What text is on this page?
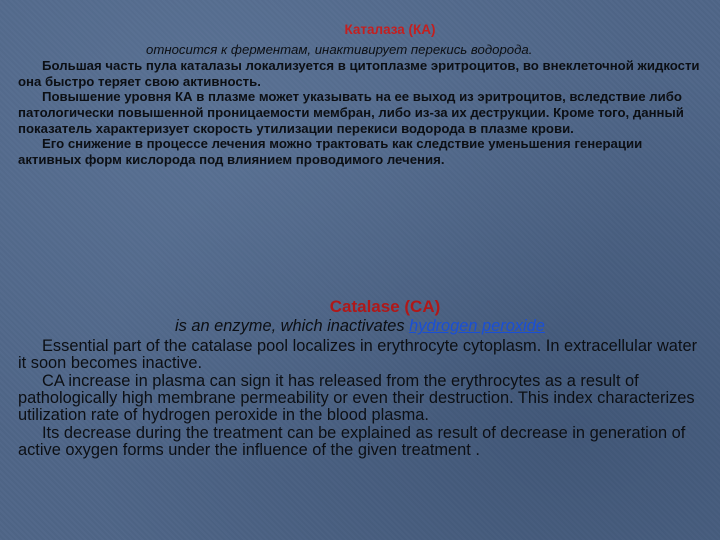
Каталаза (КА)
относится к ферментам, инактивирует перекись водорода.

Большая часть пула каталазы локализуется в цитоплазме эритроцитов, во внеклеточной жидкости она быстро теряет свою активность.

Повышение уровня КА в плазме может указывать на ее выход из эритроцитов, вследствие либо патологически повышенной проницаемости мембран, либо из-за их деструкции. Кроме того, данный показатель характеризует скорость утилизации перекиси водорода в плазме крови.

Его снижение в процессе лечения можно трактовать как следствие уменьшения генерации активных форм кислорода под влиянием проводимого лечения.

Catalase (CA)
is an enzyme, which inactivates hydrogen peroxide

Essential part of the catalase pool localizes in erythrocyte cytoplasm. In extracellular water it soon becomes inactive.

CA increase in plasma can sign it has released from the erythrocytes as a result of pathologically high membrane permeability or even their destruction. This index characterizes utilization rate of hydrogen peroxide in the blood plasma.

Its decrease during the treatment can be explained as result of decrease in generation of active oxygen forms under the influence of the given treatment .
